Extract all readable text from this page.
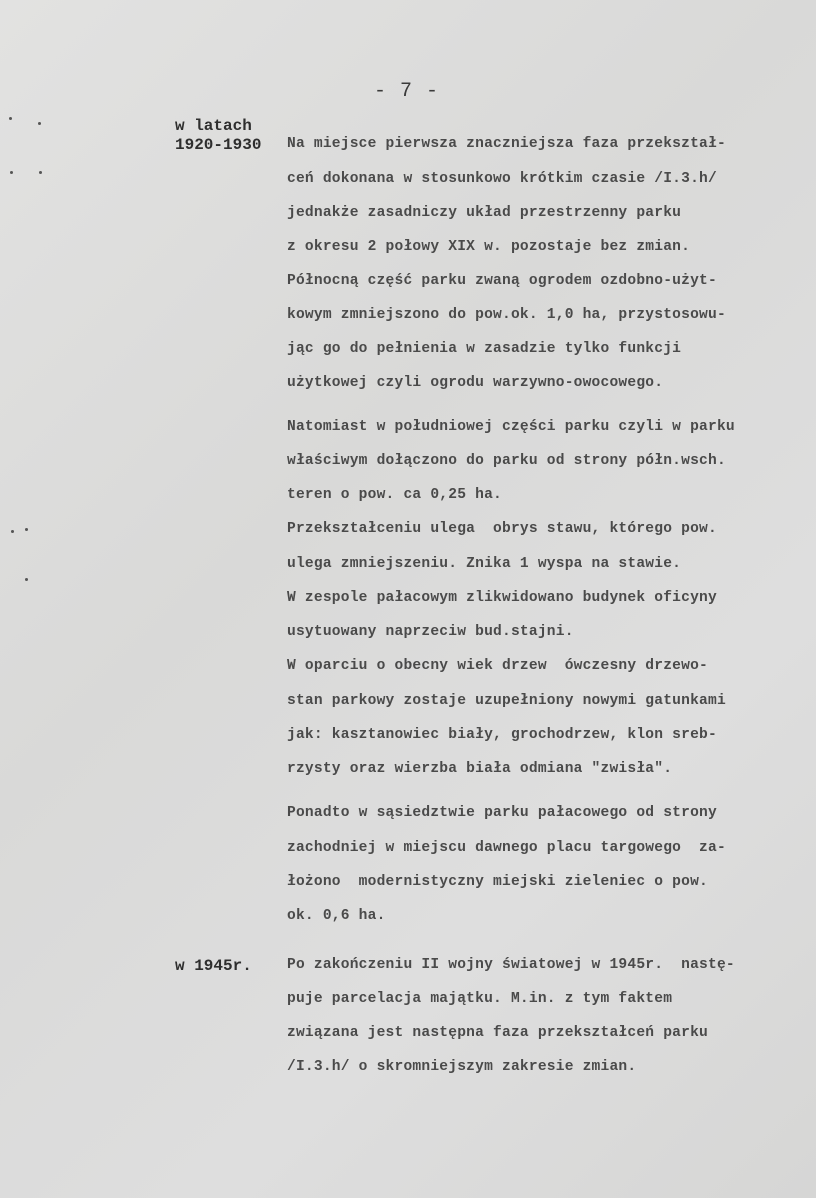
- 7 -
w latach
1920-1930 Na miejsce pierwsza znaczniejsza faza przekształ-
ceń dokonana w stosunkowo krótkim czasie /I.3.h/
jednakże zasadniczy układ przestrzenny parku
z okresu 2 połowy XIX w. pozostaje bez zmian.
Północną część parku zwaną ogrodem ozdobno-użyt-
kowym zmniejszono do pow.ok. 1,0 ha, przystosowu-
jąc go do pełnienia w zasadzie tylko funkcji
użytkowej czyli ogrodu warzywno-owocowego.
Natomiast w południowej części parku czyli w parku
właściwym dołączono do parku od strony półn.wsch.
teren o pow. ca 0,25 ha.
Przekształceniu ulega  obrys stawu, którego pow.
ulega zmniejszeniu. Znika 1 wyspa na stawie.
W zespole pałacowym zlikwidowano budynek oficyny
usytuowany naprzeciw bud.stajni.
W oparciu o obecny wiek drzew  ówczesny drzewo-
stan parkowy zostaje uzupełniony nowymi gatunkami
jak: kasztanowiec biały, grochodrzew, klon sreb-
rzysty oraz wierzba biała odmiana "zwisła".
Ponadto w sąsiedztwie parku pałacowego od strony
zachodniej w miejscu dawnego placu targowego  za-
łożono  modernistyczny miejski zieleniec o pow.
ok. 0,6 ha.
w 1945r. Po zakończeniu II wojny światowej w 1945r.  nastę-
puje parcelacja majątku. M.in. z tym faktem
związana jest następna faza przekształceń parku
/I.3.h/ o skromniejszym zakresie zmian.
